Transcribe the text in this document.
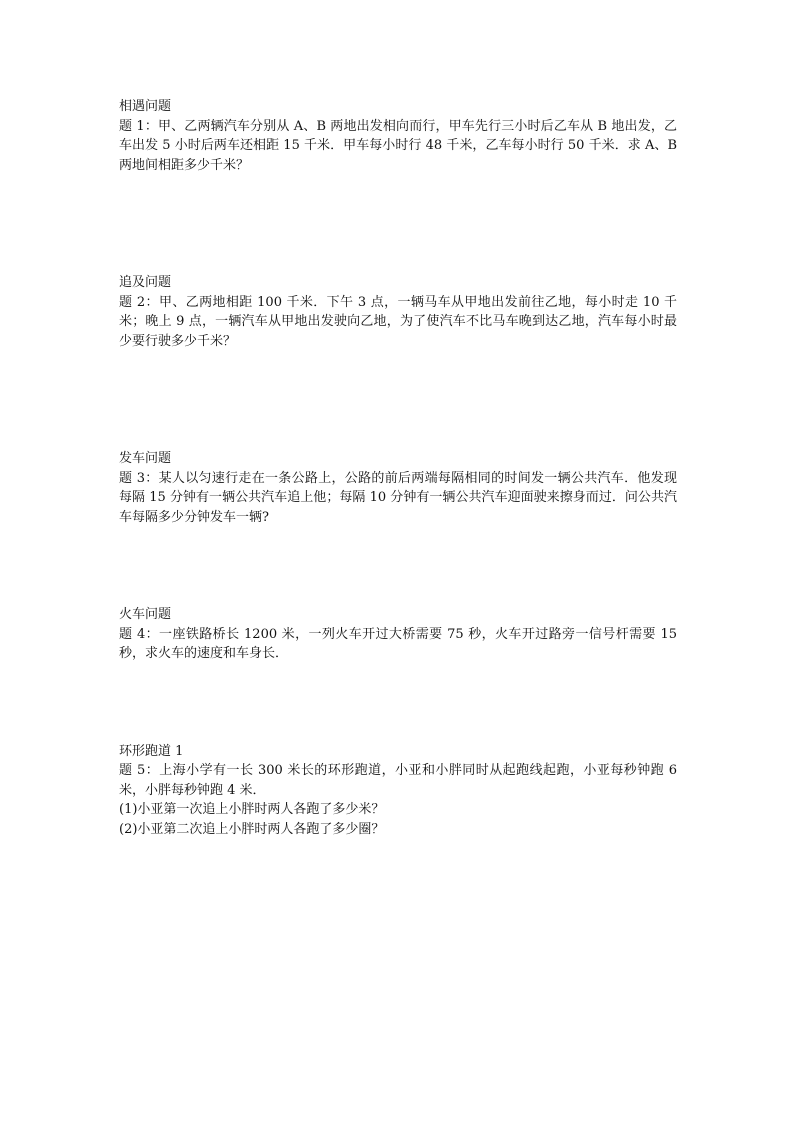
相遇问题

题 1：甲、乙两辆汽车分别从 A、B 两地出发相向而行，甲车先行三小时后乙车从 B 地出发，乙车出发 5 小时后两车还相距 15 千米．甲车每小时行 48 千米，乙车每小时行 50 千米．求 A、B 两地间相距多少千米？

追及问题

题 2：甲、乙两地相距 100 千米．下午 3 点，一辆马车从甲地出发前往乙地，每小时走 10 千米；晚上 9 点，一辆汽车从甲地出发驶向乙地，为了使汽车不比马车晚到达乙地，汽车每小时最少要行驶多少千米？

发车问题

题 3：某人以匀速行走在一条公路上，公路的前后两端每隔相同的时间发一辆公共汽车．他发现每隔 15 分钟有一辆公共汽车追上他；每隔 10 分钟有一辆公共汽车迎面驶来擦身而过．问公共汽车每隔多少分钟发车一辆?

火车问题

题 4：一座铁路桥长 1200 米，一列火车开过大桥需要 75 秒，火车开过路旁一信号杆需要 15 秒，求火车的速度和车身长．

环形跑道 1

题 5：上海小学有一长 300 米长的环形跑道，小亚和小胖同时从起跑线起跑，小亚每秒钟跑 6 米，小胖每秒钟跑 4 米．

(1)小亚第一次追上小胖时两人各跑了多少米？

(2)小亚第二次追上小胖时两人各跑了多少圈？
